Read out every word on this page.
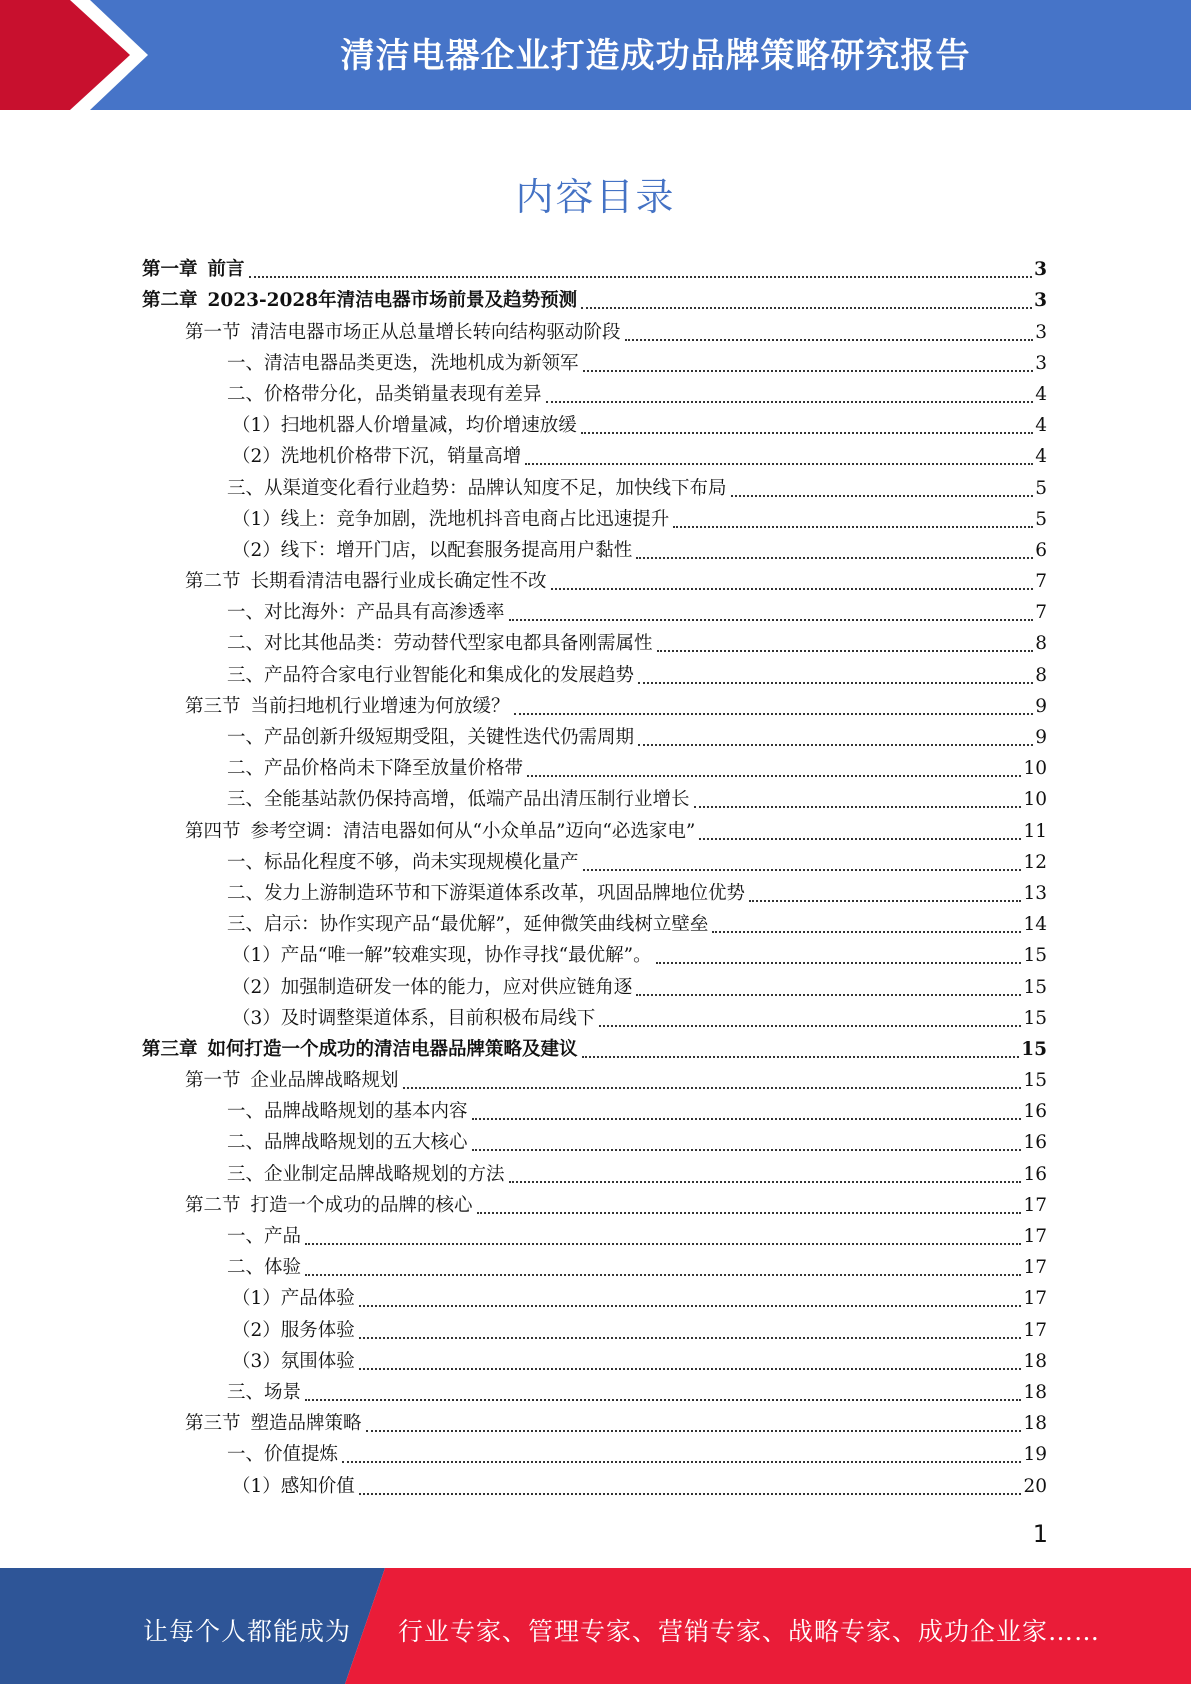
清洁电器企业打造成功品牌策略研究报告
内容目录
第一章 前言	3
第二章 2023-2028年清洁电器市场前景及趋势预测	3
第一节 清洁电器市场正从总量增长转向结构驱动阶段	3
一、清洁电器品类更迭，洗地机成为新领军	3
二、价格带分化，品类销量表现有差异	4
（1）扫地机器人价增量减，均价增速放缓	4
（2）洗地机价格带下沉，销量高增	4
三、从渠道变化看行业趋势：品牌认知度不足，加快线下布局	5
（1）线上：竞争加剧，洗地机抖音电商占比迅速提升	5
（2）线下：增开门店，以配套服务提高用户黏性	6
第二节 长期看清洁电器行业成长确定性不改	7
一、对比海外：产品具有高渗透率	7
二、对比其他品类：劳动替代型家电都具备刚需属性	8
三、产品符合家电行业智能化和集成化的发展趋势	8
第三节 当前扫地机行业增速为何放缓？	9
一、产品创新升级短期受阻，关键性迭代仍需周期	9
二、产品价格尚未下降至放量价格带	10
三、全能基站款仍保持高增，低端产品出清压制行业增长	10
第四节 参考空调：清洁电器如何从“小众单品”迈向“必选家电”	11
一、标品化程度不够，尚未实现规模化量产	12
二、发力上游制造环节和下游渠道体系改革，巩固品牌地位优势	13
三、启示：协作实现产品“最优解”，延伸微笑曲线树立壁垒	14
（1）产品“唯一解”较难实现，协作寻找“最优解”。	15
（2）加强制造研发一体的能力，应对供应链角逐	15
（3）及时调整渠道体系，目前积极布局线下	15
第三章 如何打造一个成功的清洁电器品牌策略及建议	15
第一节 企业品牌战略规划	15
一、品牌战略规划的基本内容	16
二、品牌战略规划的五大核心	16
三、企业制定品牌战略规划的方法	16
第二节 打造一个成功的品牌的核心	17
一、产品	17
二、体验	17
（1）产品体验	17
（2）服务体验	17
（3）氛围体验	18
三、场景	18
第三节 塑造品牌策略	18
一、价值提炼	19
（1）感知价值	20
1
让每个人都能成为 行业专家、管理专家、营销专家、战略专家、成功企业家……
